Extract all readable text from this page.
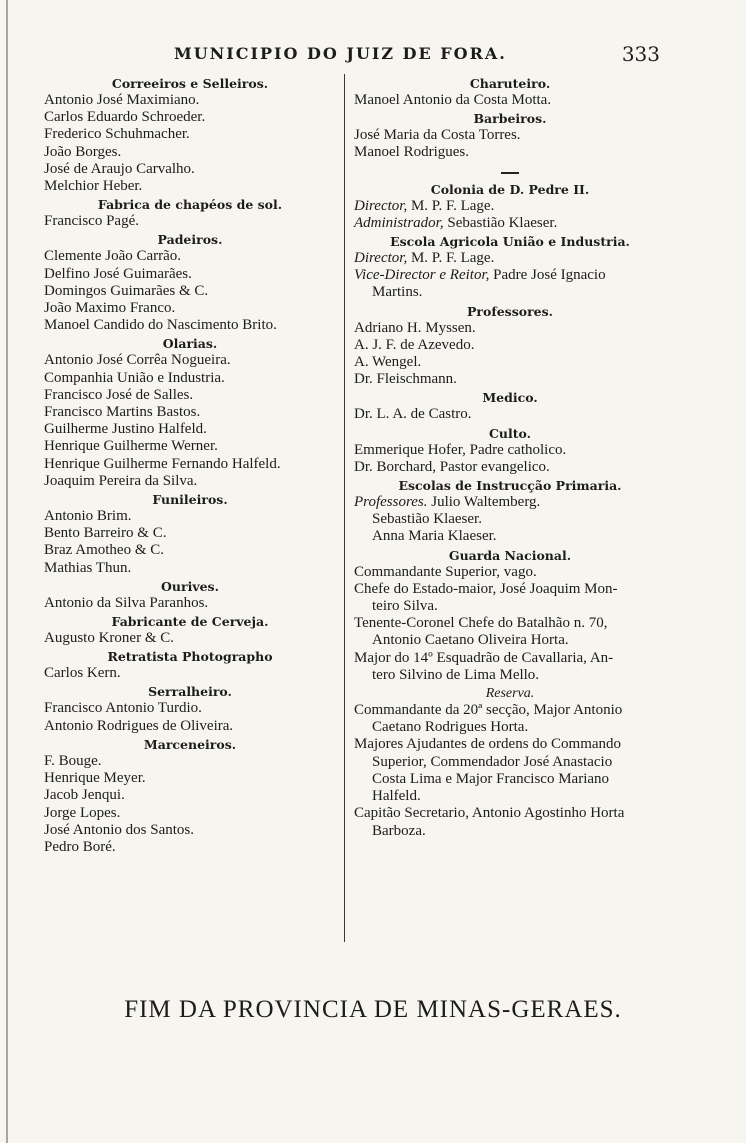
MUNICIPIO DO JUIZ DE FORA.	333
Correeiros e Selleiros.
Antonio José Maximiano.
Carlos Eduardo Schroeder.
Frederico Schuhmacher.
João Borges.
José de Araujo Carvalho.
Melchior Heber.
Fabrica de chapéos de sol.
Francisco Pagé.
Padeiros.
Clemente João Carrão.
Delfino José Guimarães.
Domingos Guimarães & C.
João Maximo Franco.
Manoel Candido do Nascimento Brito.
Olarias.
Antonio José Corrêa Nogueira.
Companhia União e Industria.
Francisco José de Salles.
Francisco Martins Bastos.
Guilherme Justino Halfeld.
Henrique Guilherme Werner.
Henrique Guilherme Fernando Halfeld.
Joaquim Pereira da Silva.
Funileiros.
Antonio Brim.
Bento Barreiro & C.
Braz Amotheo & C.
Mathias Thun.
Ourives.
Antonio da Silva Paranhos.
Fabricante de Cerveja.
Augusto Kroner & C.
Retratista Photographo
Carlos Kern.
Serralheiro.
Francisco Antonio Turdio.
Antonio Rodrigues de Oliveira.
Marceneiros.
F. Bouge.
Henrique Meyer.
Jacob Jenqui.
Jorge Lopes.
José Antonio dos Santos.
Pedro Boré.
Charuteiro.
Manoel Antonio da Costa Motta.
Barbeiros.
José Maria da Costa Torres.
Manoel Rodrigues.
Colonia de D. Pedre II.
Director, M. P. F. Lage.
Administrador, Sebastião Klaeser.
Escola Agricola União e Industria.
Director, M. P. F. Lage.
Vice-Director e Reitor, Padre José Ignacio
Martins.
Professores.
Adriano H. Myssen.
A. J. F. de Azevedo.
A. Wengel.
Dr. Fleischmann.
Medico.
Dr. L. A. de Castro.
Culto.
Emmerique Hofer, Padre catholico.
Dr. Borchard, Pastor evangelico.
Escolas de Instrucção Primaria.
Professores. Julio Waltemberg.
Sebastião Klaeser.
Anna Maria Klaeser.
Guarda Nacional.
Commandante Superior, vago.
Chefe do Estado-maior, José Joaquim Mon-
teiro Silva.
Tenente-Coronel Chefe do Batalhão n. 70,
Antonio Caetano Oliveira Horta.
Major do 14º Esquadrão de Cavallaria, An-
tero Silvino de Lima Mello.
Reserva.
Commandante da 20ª secção, Major Antonio
Caetano Rodrigues Horta.
Majores Ajudantes de ordens do Commando
Superior, Commendador José Anastacio
Costa Lima e Major Francisco Mariano
Halfeld.
Capitão Secretario, Antonio Agostinho Horta
Barboza.
FIM DA PROVINCIA DE MINAS-GERAES.
